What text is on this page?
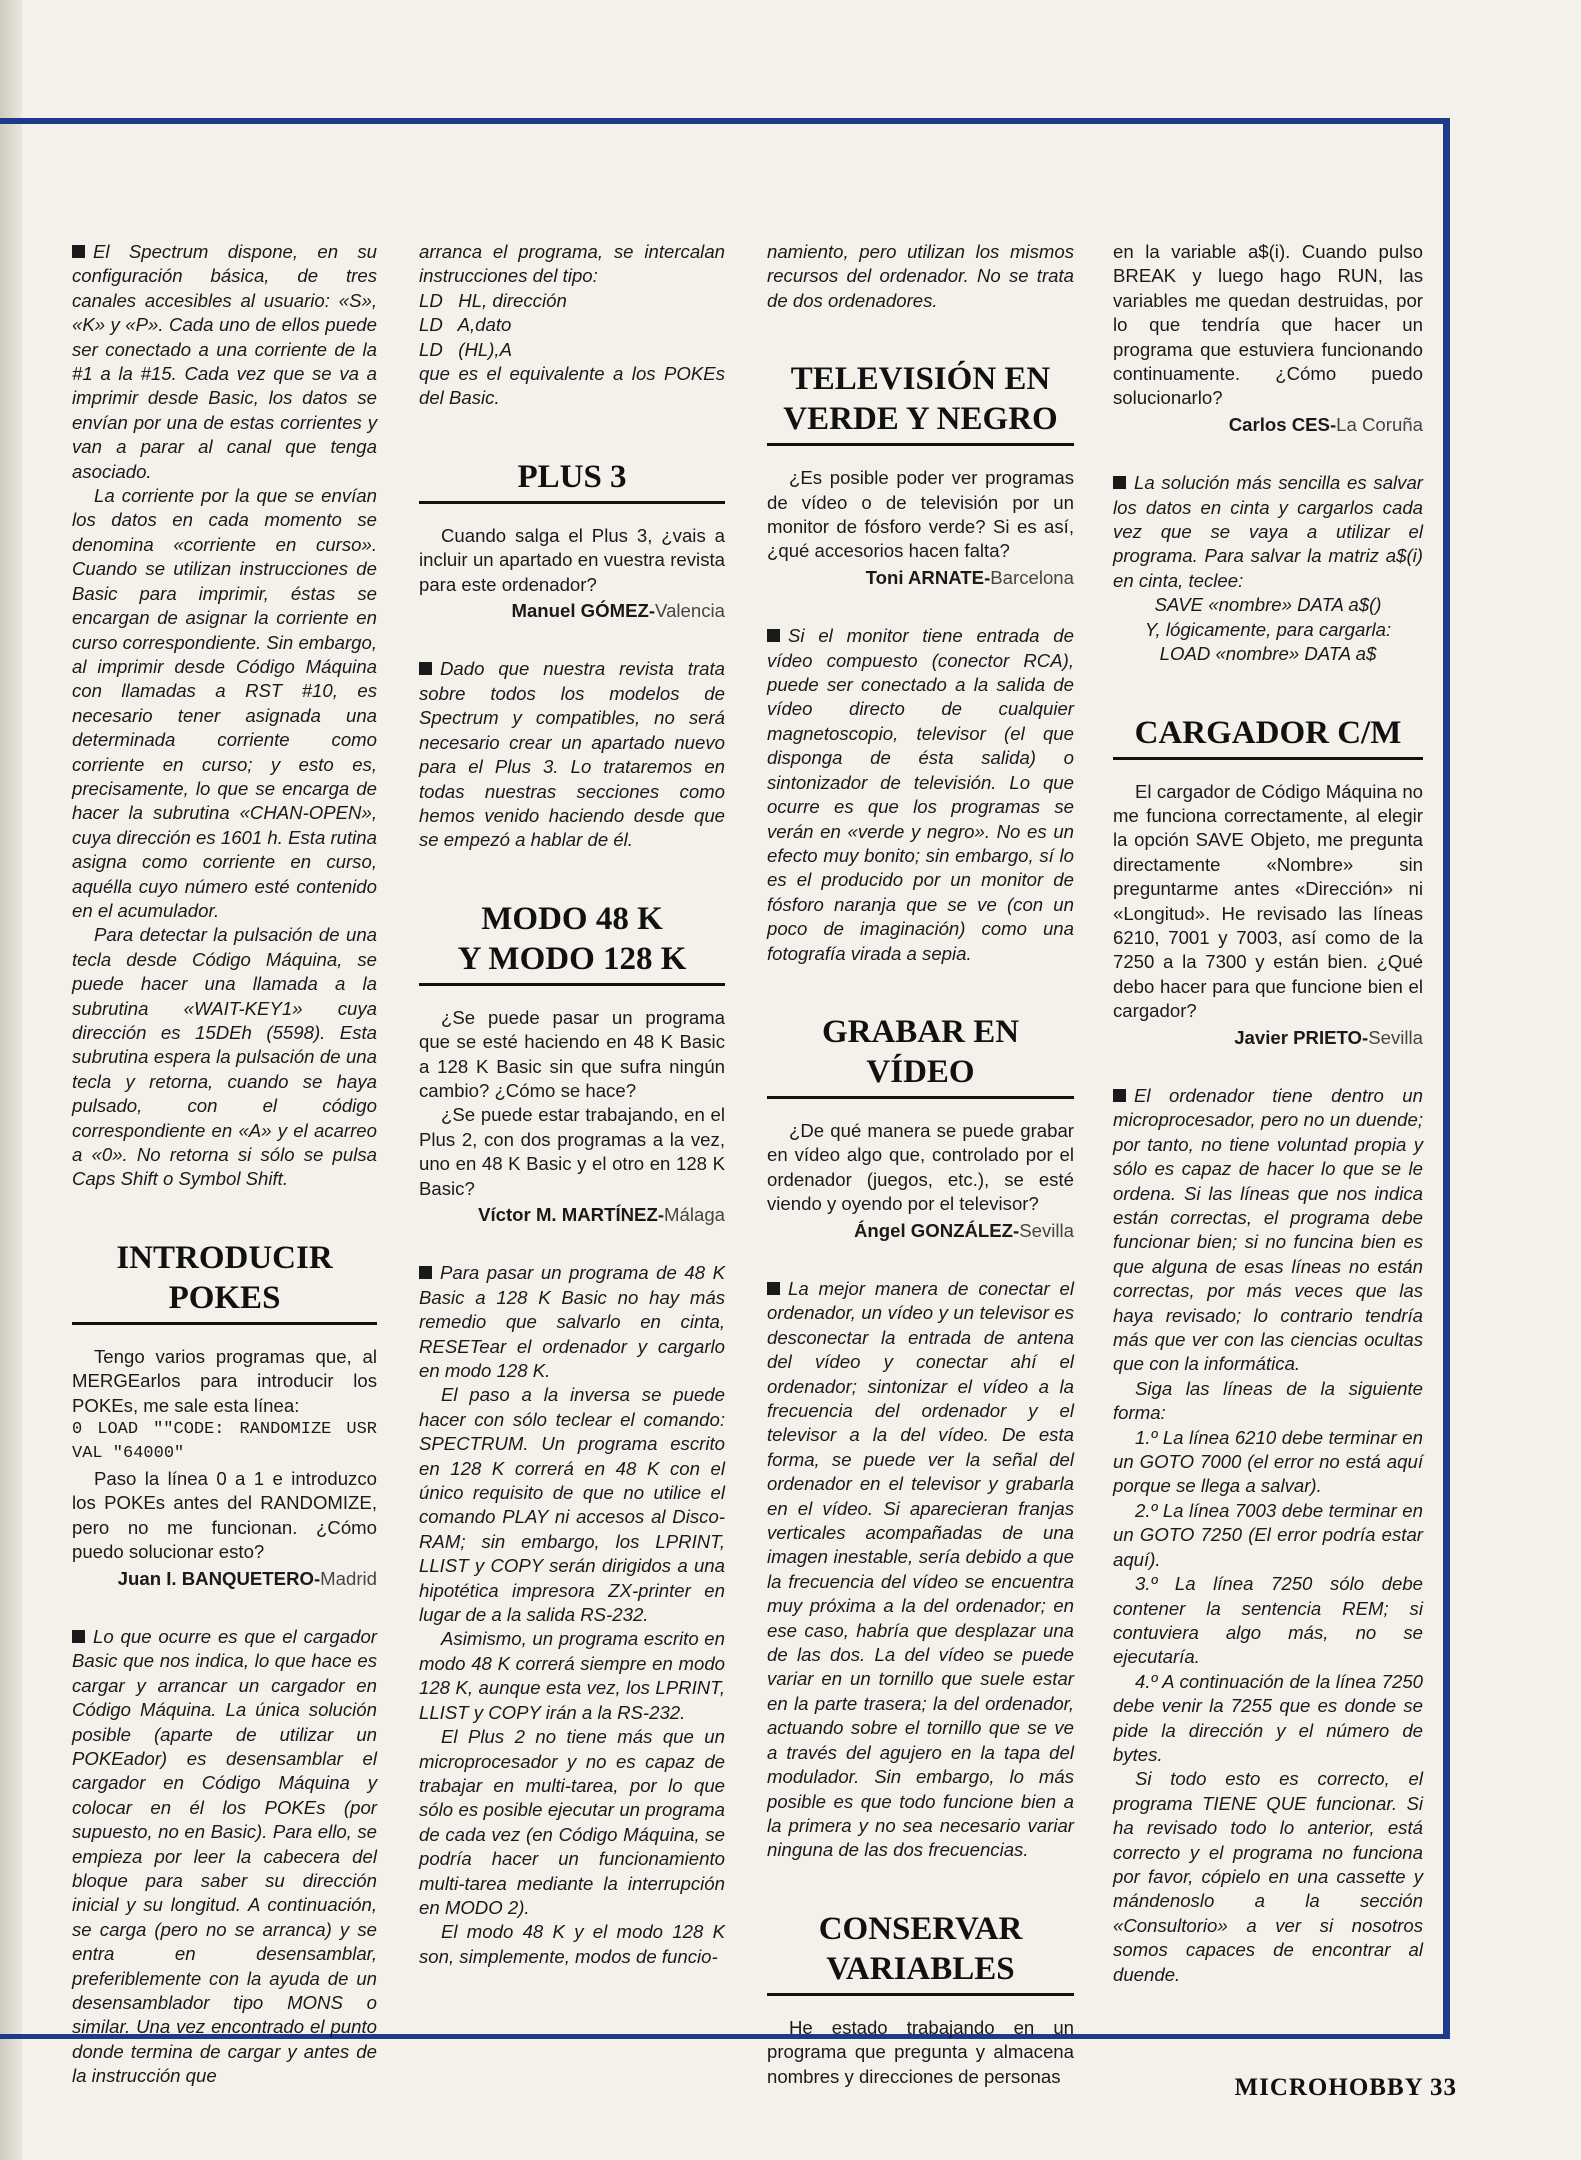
El Spectrum dispone, en su configuración básica, de tres canales accesibles al usuario: «S», «K» y «P». Cada uno de ellos puede ser conectado a una corriente de la #1 a la #15. Cada vez que se va a imprimir desde Basic, los datos se envían por una de estas corrientes y van a parar al canal que tenga asociado.

La corriente por la que se envían los datos en cada momento se denomina «corriente en curso». Cuando se utilizan instrucciones de Basic para imprimir, éstas se encargan de asignar la corriente en curso correspondiente. Sin embargo, al imprimir desde Código Máquina con llamadas a RST #10, es necesario tener asignada una determinada corriente como corriente en curso; y esto es, precisamente, lo que se encarga de hacer la subrutina «CHAN-OPEN», cuya dirección es 1601 h. Esta rutina asigna como corriente en curso, aquélla cuyo número esté contenido en el acumulador.

Para detectar la pulsación de una tecla desde Código Máquina, se puede hacer una llamada a la subrutina «WAIT-KEY1» cuya dirección es 15DEh (5598). Esta subrutina espera la pulsación de una tecla y retorna, cuando se haya pulsado, con el código correspondiente en «A» y el acarreo a «0». No retorna si sólo se pulsa Caps Shift o Symbol Shift.

INTRODUCIR POKES

Tengo varios programas que, al MERGEarlos para introducir los POKEs, me sale esta línea:

0 LOAD ""CODE: RANDOMIZE USR VAL "64000"

Paso la línea 0 a 1 e introduzco los POKEs antes del RANDOMIZE, pero no me funcionan. ¿Cómo puedo solucionar esto?

Juan I. BANQUETERO-Madrid

Lo que ocurre es que el cargador Basic que nos indica, lo que hace es cargar y arrancar un cargador en Código Máquina. La única solución posible (aparte de utilizar un POKEador) es desensamblar el cargador en Código Máquina y colocar en él los POKEs (por supuesto, no en Basic). Para ello, se empieza por leer la cabecera del bloque para saber su dirección inicial y su longitud. A continuación, se carga (pero no se arranca) y se entra en desensamblar, preferiblemente con la ayuda de un desensamblador tipo MONS o similar. Una vez encontrado el punto donde termina de cargar y antes de la instrucción que

arranca el programa, se intercalan instrucciones del tipo:

LD   HL, dirección

LD   A,dato

LD   (HL),A

que es el equivalente a los POKEs del Basic.

PLUS 3

Cuando salga el Plus 3, ¿vais a incluir un apartado en vuestra revista para este ordenador?

Manuel GÓMEZ-Valencia

Dado que nuestra revista trata sobre todos los modelos de Spectrum y compatibles, no será necesario crear un apartado nuevo para el Plus 3. Lo trataremos en todas nuestras secciones como hemos venido haciendo desde que se empezó a hablar de él.

MODO 48 K
Y MODO 128 K

¿Se puede pasar un programa que se esté haciendo en 48 K Basic a 128 K Basic sin que sufra ningún cambio? ¿Cómo se hace?

¿Se puede estar trabajando, en el Plus 2, con dos programas a la vez, uno en 48 K Basic y el otro en 128 K Basic?

Víctor M. MARTÍNEZ-Málaga

Para pasar un programa de 48 K Basic a 128 K Basic no hay más remedio que salvarlo en cinta, RESETear el ordenador y cargarlo en modo 128 K.

El paso a la inversa se puede hacer con sólo teclear el comando: SPECTRUM. Un programa escrito en 128 K correrá en 48 K con el único requisito de que no utilice el comando PLAY ni accesos al Disco-RAM; sin embargo, los LPRINT, LLIST y COPY serán dirigidos a una hipotética impresora ZX-printer en lugar de a la salida RS-232.

Asimismo, un programa escrito en modo 48 K correrá siempre en modo 128 K, aunque esta vez, los LPRINT, LLIST y COPY irán a la RS-232.

El Plus 2 no tiene más que un microprocesador y no es capaz de trabajar en multi-tarea, por lo que sólo es posible ejecutar un programa de cada vez (en Código Máquina, se podría hacer un funcionamiento multi-tarea mediante la interrupción en MODO 2).

El modo 48 K y el modo 128 K son, simplemente, modos de funcio-

namiento, pero utilizan los mismos recursos del ordenador. No se trata de dos ordenadores.

TELEVISIÓN EN
VERDE Y NEGRO

¿Es posible poder ver programas de vídeo o de televisión por un monitor de fósforo verde? Si es así, ¿qué accesorios hacen falta?

Toni ARNATE-Barcelona

Si el monitor tiene entrada de vídeo compuesto (conector RCA), puede ser conectado a la salida de vídeo directo de cualquier magnetoscopio, televisor (el que disponga de ésta salida) o sintonizador de televisión. Lo que ocurre es que los programas se verán en «verde y negro». No es un efecto muy bonito; sin embargo, sí lo es el producido por un monitor de fósforo naranja que se ve (con un poco de imaginación) como una fotografía virada a sepia.

GRABAR EN VÍDEO

¿De qué manera se puede grabar en vídeo algo que, controlado por el ordenador (juegos, etc.), se esté viendo y oyendo por el televisor?

Ángel GONZÁLEZ-Sevilla

La mejor manera de conectar el ordenador, un vídeo y un televisor es desconectar la entrada de antena del vídeo y conectar ahí el ordenador; sintonizar el vídeo a la frecuencia del ordenador y el televisor a la del vídeo. De esta forma, se puede ver la señal del ordenador en el televisor y grabarla en el vídeo. Si aparecieran franjas verticales acompañadas de una imagen inestable, sería debido a que la frecuencia del vídeo se encuentra muy próxima a la del ordenador; en ese caso, habría que desplazar una de las dos. La del vídeo se puede variar en un tornillo que suele estar en la parte trasera; la del ordenador, actuando sobre el tornillo que se ve a través del agujero en la tapa del modulador. Sin embargo, lo más posible es que todo funcione bien a la primera y no sea necesario variar ninguna de las dos frecuencias.

CONSERVAR
VARIABLES

He estado trabajando en un programa que pregunta y almacena nombres y direcciones de personas

en la variable a$(i). Cuando pulso BREAK y luego hago RUN, las variables me quedan destruidas, por lo que tendría que hacer un programa que estuviera funcionando continuamente. ¿Cómo puedo solucionarlo?

Carlos CES-La Coruña

La solución más sencilla es salvar los datos en cinta y cargarlos cada vez que se vaya a utilizar el programa. Para salvar la matriz a$(i) en cinta, teclee:

SAVE «nombre» DATA a$()

Y, lógicamente, para cargarla:

LOAD «nombre» DATA a$

CARGADOR C/M

El cargador de Código Máquina no me funciona correctamente, al elegir la opción SAVE Objeto, me pregunta directamente «Nombre» sin preguntarme antes «Dirección» ni «Longitud». He revisado las líneas 6210, 7001 y 7003, así como de la 7250 a la 7300 y están bien. ¿Qué debo hacer para que funcione bien el cargador?

Javier PRIETO-Sevilla

El ordenador tiene dentro un microprocesador, pero no un duende; por tanto, no tiene voluntad propia y sólo es capaz de hacer lo que se le ordena. Si las líneas que nos indica están correctas, el programa debe funcionar bien; si no funcina bien es que alguna de esas líneas no están correctas, por más veces que las haya revisado; lo contrario tendría más que ver con las ciencias ocultas que con la informática.

Siga las líneas de la siguiente forma:

1.º La línea 6210 debe terminar en un GOTO 7000 (el error no está aquí porque se llega a salvar).

2.º La línea 7003 debe terminar en un GOTO 7250 (El error podría estar aquí).

3.º La línea 7250 sólo debe contener la sentencia REM; si contuviera algo más, no se ejecutaría.

4.º A continuación de la línea 7250 debe venir la 7255 que es donde se pide la dirección y el número de bytes.

Si todo esto es correcto, el programa TIENE QUE funcionar. Si ha revisado todo lo anterior, está correcto y el programa no funciona por favor, cópielo en una cassette y mándenoslo a la sección «Consultorio» a ver si nosotros somos capaces de encontrar al duende.

MICROHOBBY 33
